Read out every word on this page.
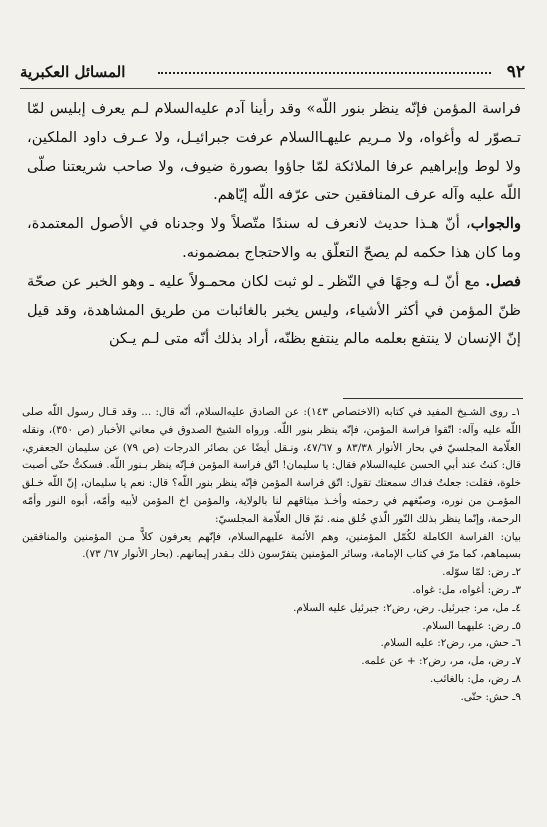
٩٢
المسائل العكبرية

فراسة المؤمن فإنّه ينظر بنور اللّه» وقد رأينا آدم عليه‌السلام لـم يعرف إبليس لمّا تـصوّر له وأغواه، ولا مـريم عليهـا‌السلام عرفت جبرائيـل، ولا عـرف داود الملكين، ولا لوط وإبراهيم عرفا الملائكة لمّا جاؤوا بصورة ضيوف، ولا صاحب شريعتنا صلّى اللّه عليه وآله عرف المنافقين حتى عرّفه اللّه إيّاهم.

والجواب، أنّ هـذا حديث لانعرف له سندًا متّصلاً ولا وجدناه في الأصول المعتمدة، وما كان هذا حكمه لم يصحّ التعلّق به والاحتجاج بمضمونه.

فصل. مع أنّ لـه وجهًا في النّظر ـ لو ثبت لكان محمـولاً عليه ـ وهو الخبر عن صحّة ظنّ المؤمن في أكثر الأشياء، وليس يخبر بالغائبات من طريق المشاهدة، وقد قيل إنّ الإنسان لا ينتفع بعلمه مالم ينتفع بظنّه، أراد بذلك أنّه متى لـم يـكن

١ـ روى الشـيخ المفيد في كتابه (الاختصاص ١٤٣): عن الصادق عليه‌السلام، أنّه قال: ... وقد قـال رسول اللّه صلى اللّه عليه وآله: اتّقوا فراسة المؤمن، فإنّه ينظر بنور اللّه. ورواه الشيخ الصدوق في معاني الأخبار (ص ٣٥٠)، ونقله العلّامة المجلسيّ في بحار الأنوار ٨٣/٣٨ و ٤٧/٦٧، ونـقل أيضًا عن بصائر الدرجات (ص ٧٩) عن سليمان الجعفري، قال: كنتُ عند أبي الحسن عليه‌السلام فقال: يا سليمان! اتّق فراسة المؤمن فـإنّه ينظر بـنور اللّه. فسكتُّ حتّى أصبت خلوة، فقلت: جعلتُ فداك سمعتك تقول: اتّق فراسة المؤمن فإنّه ينظر بنور اللّه؟ قال: نعم يا سليمان، إنّ اللّه خـلق المؤمـن من نوره، وصبّغهم في رحمته وأخـذ ميثاقهم لنا بالولاية، والمؤمن اخ المؤمن لأبيه وأمّه، أبوه النور وأمّه الرحمة، وإنّما ينظر بذلك النّور الّذي خُلق منه. ثمّ قال العلّامة المجلسيّ:

بيان: الفراسة الكاملة لكُمّل المؤمنين، وهم الأئمة عليهم‌السلام، فإنّهم يعرفون كلاًّ مـن المؤمنين والمنافقين بسيماهم، كما مرّ في كتاب الإمامة، وسائر المؤمنين يتفرّسون ذلك بـقدر إيمانهم. (بحار الأنوار ٦٧/ ٧٣).

٢ـ رض: لمّا سوّله.

٣ـ رض: أغواه، مل: غواه.

٤ـ مل، مر: جبرئيل. رض، رض٢: جبرئيل عليه السلام.

٥ـ رض: عليهما السلام.

٦ـ حش، مر، رض٢: عليه السلام.

٧ـ رض، مل، مر، رض٢: + عن علمه.

٨ـ رض، مل: بالغائب.

٩ـ حش: حتّى.
